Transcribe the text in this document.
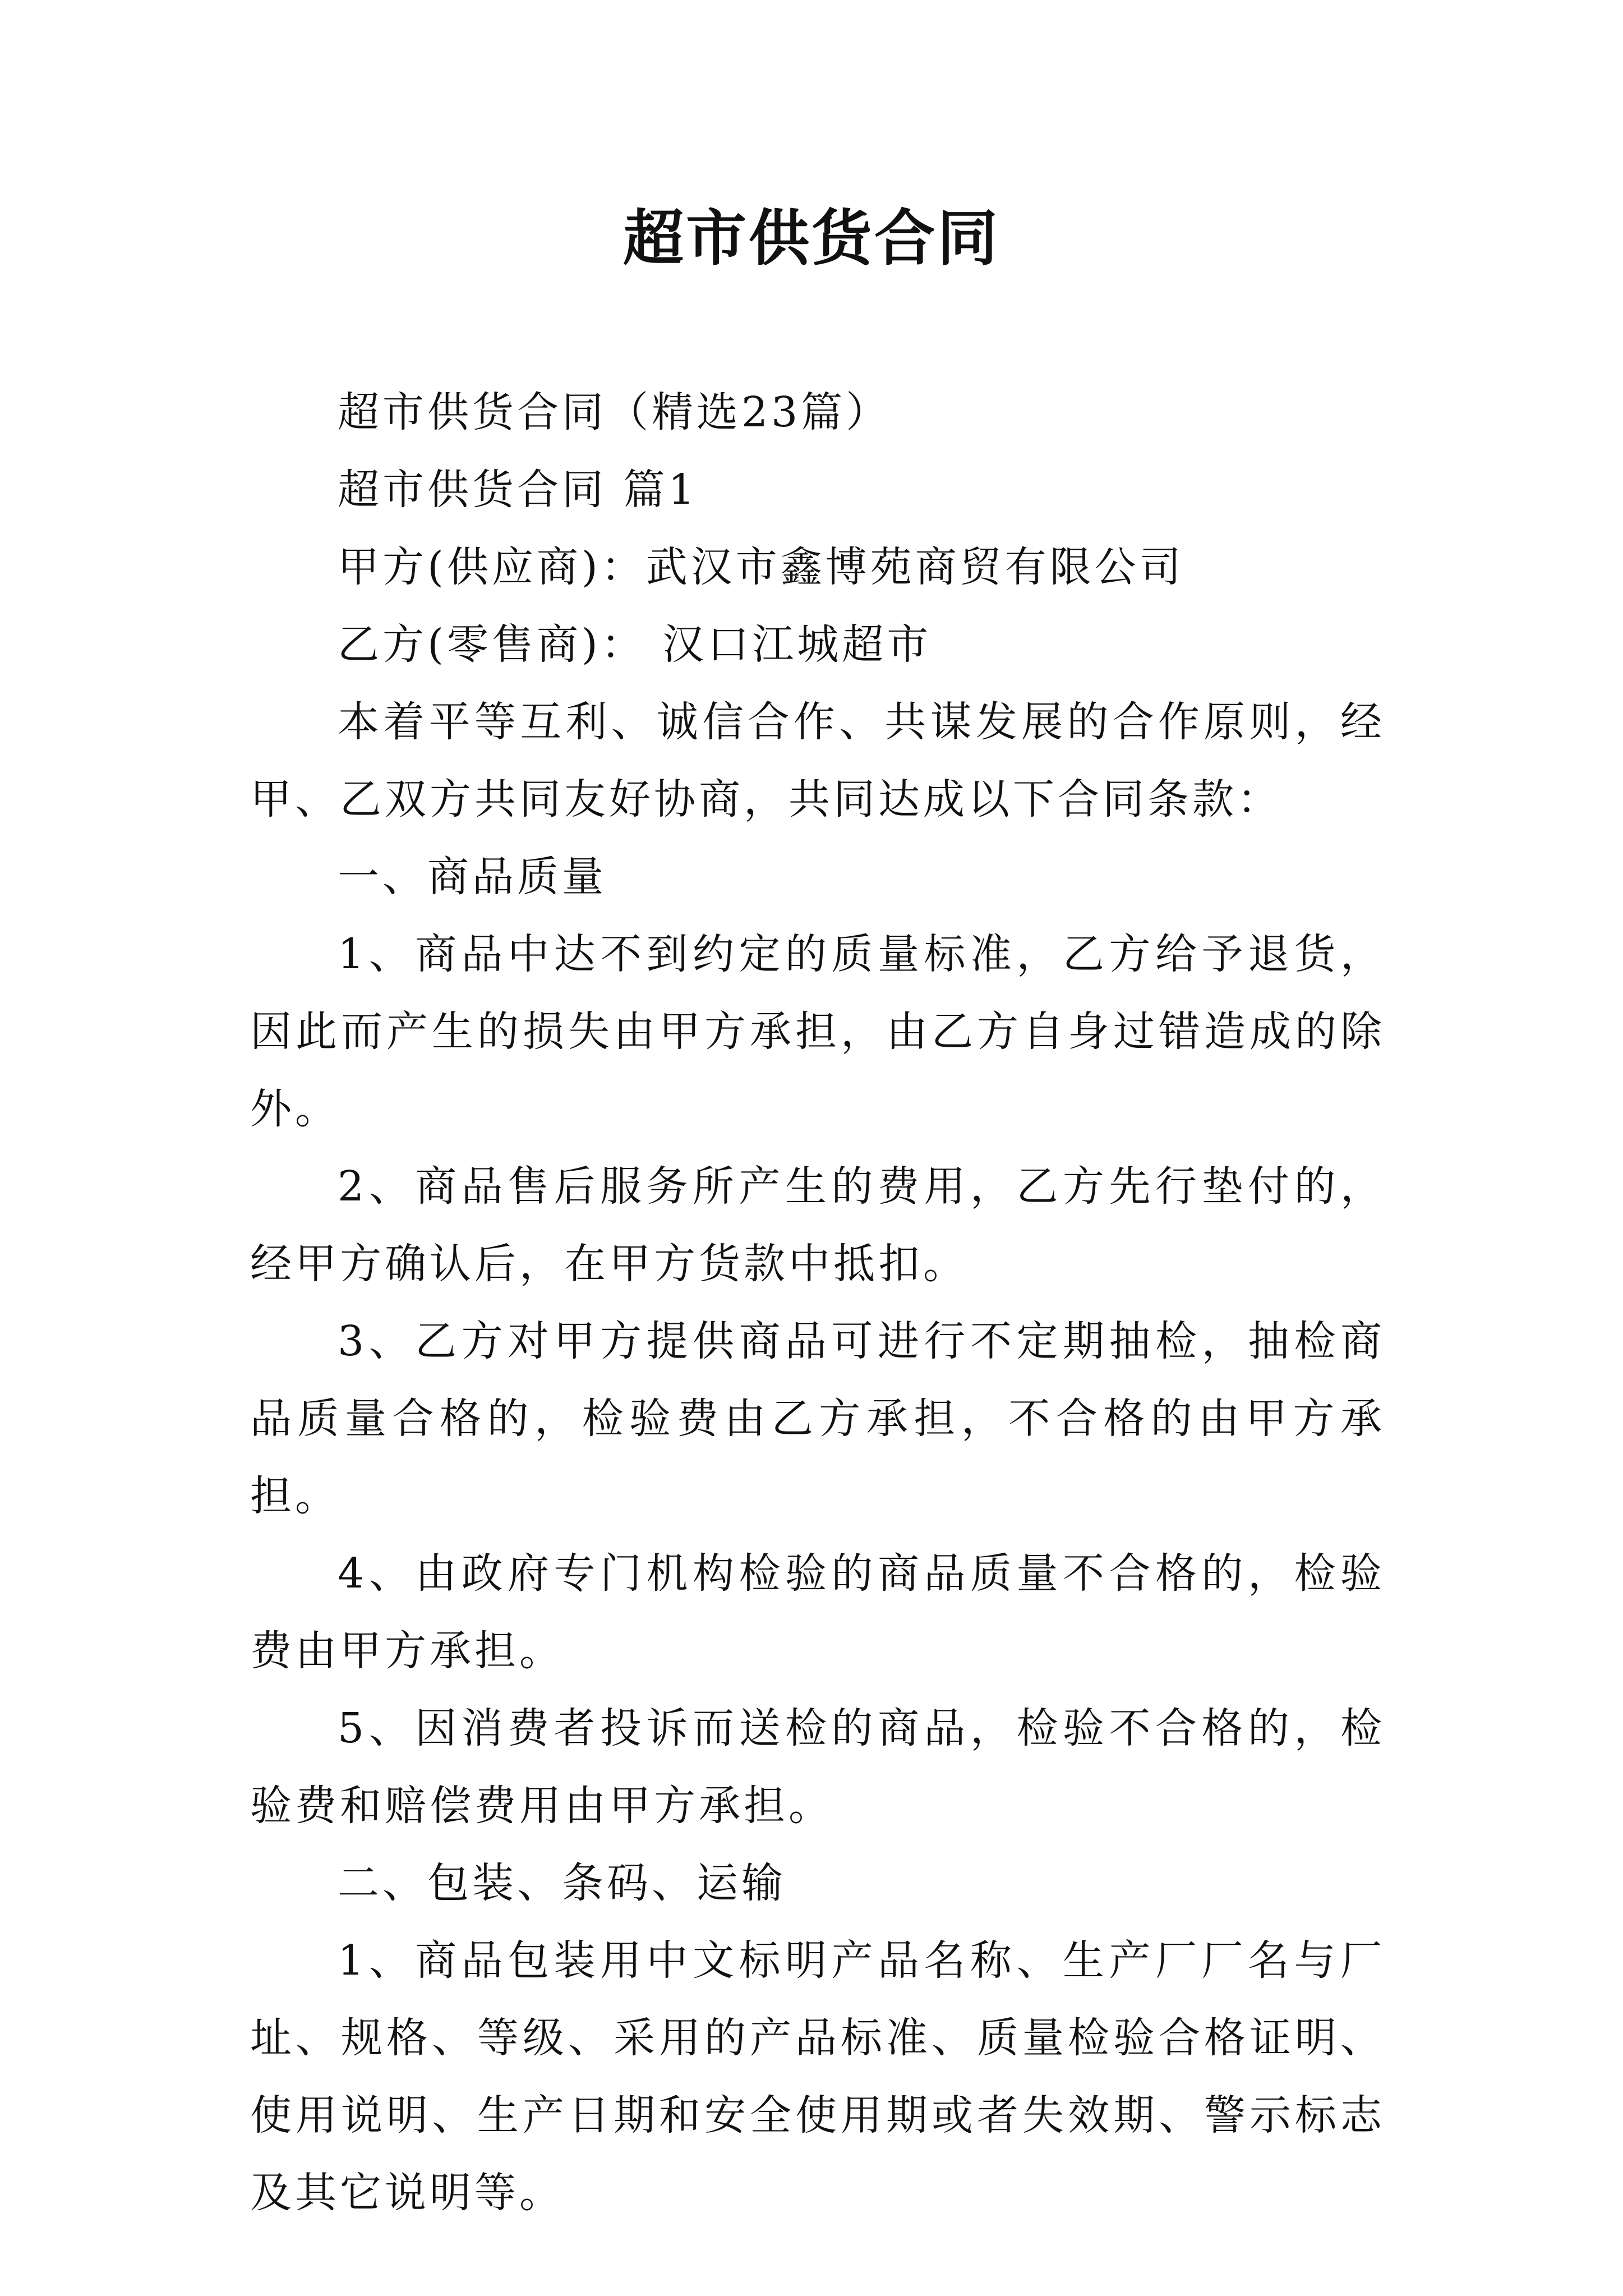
超市供货合同

超市供货合同（精选23篇）

超市供货合同 篇1

甲方(供应商)：武汉市鑫博苑商贸有限公司

乙方(零售商)： 汉口江城超市

本着平等互利、诚信合作、共谋发展的合作原则，经甲、乙双方共同友好协商，共同达成以下合同条款：

一、商品质量

1、商品中达不到约定的质量标准，乙方给予退货，因此而产生的损失由甲方承担，由乙方自身过错造成的除外。

2、商品售后服务所产生的费用，乙方先行垫付的，经甲方确认后，在甲方货款中抵扣。

3、乙方对甲方提供商品可进行不定期抽检，抽检商品质量合格的，检验费由乙方承担，不合格的由甲方承担。

4、由政府专门机构检验的商品质量不合格的，检验费由甲方承担。

5、因消费者投诉而送检的商品，检验不合格的，检验费和赔偿费用由甲方承担。

二、包装、条码、运输

1、商品包装用中文标明产品名称、生产厂厂名与厂址、规格、等级、采用的产品标准、质量检验合格证明、使用说明、生产日期和安全使用期或者失效期、警示标志及其它说明等。
